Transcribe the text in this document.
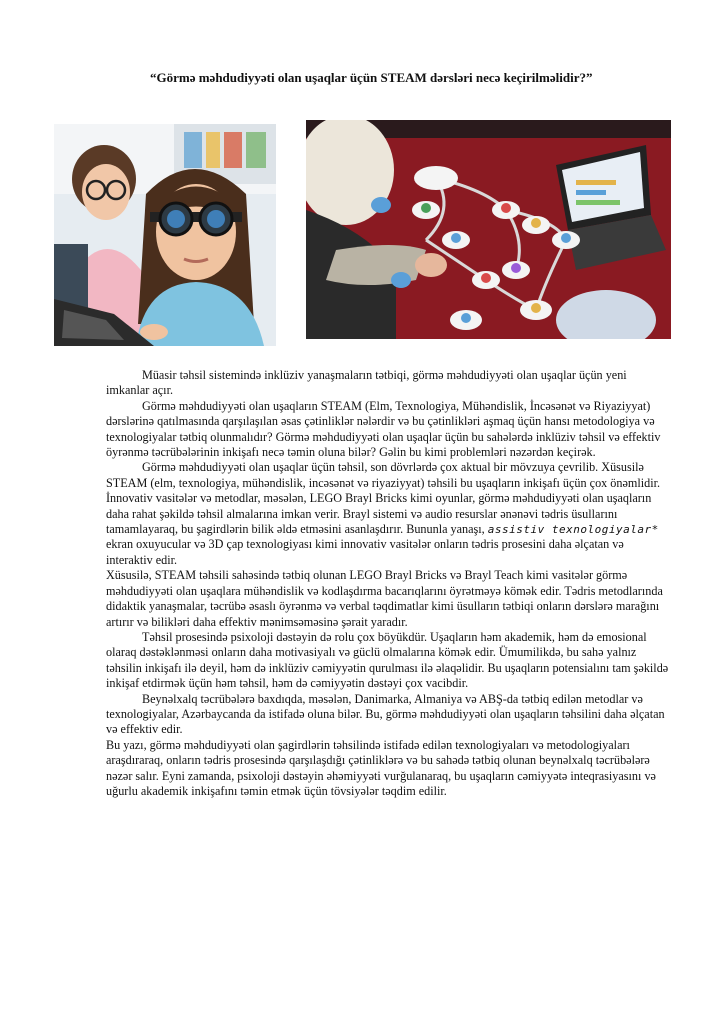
“Görmə məhdudiyyəti olan uşaqlar üçün STEAM dərsləri necə keçirilməlidir?”

Müasir təhsil sistemində inklüziv yanaşmaların tətbiqi, görmə məhdudiyyəti olan uşaqlar üçün yeni imkanlar açır.

Görmə məhdudiyyəti olan uşaqların STEAM (Elm, Texnologiya, Mühəndislik, İncəsənət və Riyaziyyat) dərslərinə qatılmasında qarşılaşılan əsas çətinliklər nələrdir və bu çətinlikləri aşmaq üçün hansı metodologiya və texnologiyalar tətbiq olunmalıdır? Görmə məhdudiyyəti olan uşaqlar üçün bu sahələrdə inklüziv təhsil və effektiv öyrənmə təcrübələrinin inkişafı necə təmin oluna bilər? Gəlin bu kimi problemləri nəzərdən keçirək.

Görmə məhdudiyyəti olan uşaqlar üçün təhsil, son dövrlərdə çox aktual bir mövzuya çevrilib. Xüsusilə STEAM (elm, texnologiya, mühəndislik, incəsənət və riyaziyyat) təhsili bu uşaqların inkişafı üçün çox önəmlidir. İnnovativ vasitələr və metodlar, məsələn, LEGO Brayl Bricks kimi oyunlar, görmə məhdudiyyəti olan uşaqların daha rahat şəkildə təhsil almalarına imkan verir. Brayl sistemi və audio resurslar ənənəvi tədris üsullarını tamamlayaraq, bu şagirdlərin bilik əldə etməsini asanlaşdırır. Bununla yanaşı, assistiv texnologiyalar* ekran oxuyucular və 3D çap texnologiyası kimi innovativ vasitələr onların tədris prosesini daha əlçatan və interaktiv edir.

Xüsusilə, STEAM təhsili sahəsində tətbiq olunan LEGO Brayl Bricks və Brayl Teach kimi vasitələr görmə məhdudiyyəti olan uşaqlara mühəndislik və kodlaşdırma bacarıqlarını öyrətməyə kömək edir. Tədris metodlarında didaktik yanaşmalar, təcrübə əsaslı öyrənmə və verbal təqdimatlar kimi üsulların tətbiqi onların dərslərə marağını artırır və bilikləri daha effektiv mənimsəməsinə şərait yaradır.

Təhsil prosesində psixoloji dəstəyin də rolu çox böyükdür. Uşaqların həm akademik, həm də emosional olaraq dəstəklənməsi onların daha motivasiyalı və güclü olmalarına kömək edir. Ümumilikdə, bu sahə yalnız təhsilin inkişafı ilə deyil, həm də inklüziv cəmiyyətin qurulması ilə əlaqəlidir. Bu uşaqların potensialını tam şəkildə inkişaf etdirmək üçün həm təhsil, həm də cəmiyyətin dəstəyi çox vacibdir.

Beynəlxalq təcrübələrə baxdıqda, məsələn, Danimarka, Almaniya və ABŞ-da tətbiq edilən metodlar və texnologiyalar, Azərbaycanda da istifadə oluna bilər. Bu, görmə məhdudiyyəti olan uşaqların təhsilini daha əlçatan və effektiv edir.

Bu yazı, görmə məhdudiyyəti olan şagirdlərin təhsilində istifadə edilən texnologiyaları və metodologiyaları araşdıraraq, onların tədris prosesində qarşılaşdığı çətinliklərə və bu sahədə tətbiq olunan beynəlxalq təcrübələrə nəzər salır. Eyni zamanda, psixoloji dəstəyin əhəmiyyəti vurğulanaraq, bu uşaqların cəmiyyətə inteqrasiyasını və uğurlu akademik inkişafını təmin etmək üçün tövsiyələr təqdim edilir.
